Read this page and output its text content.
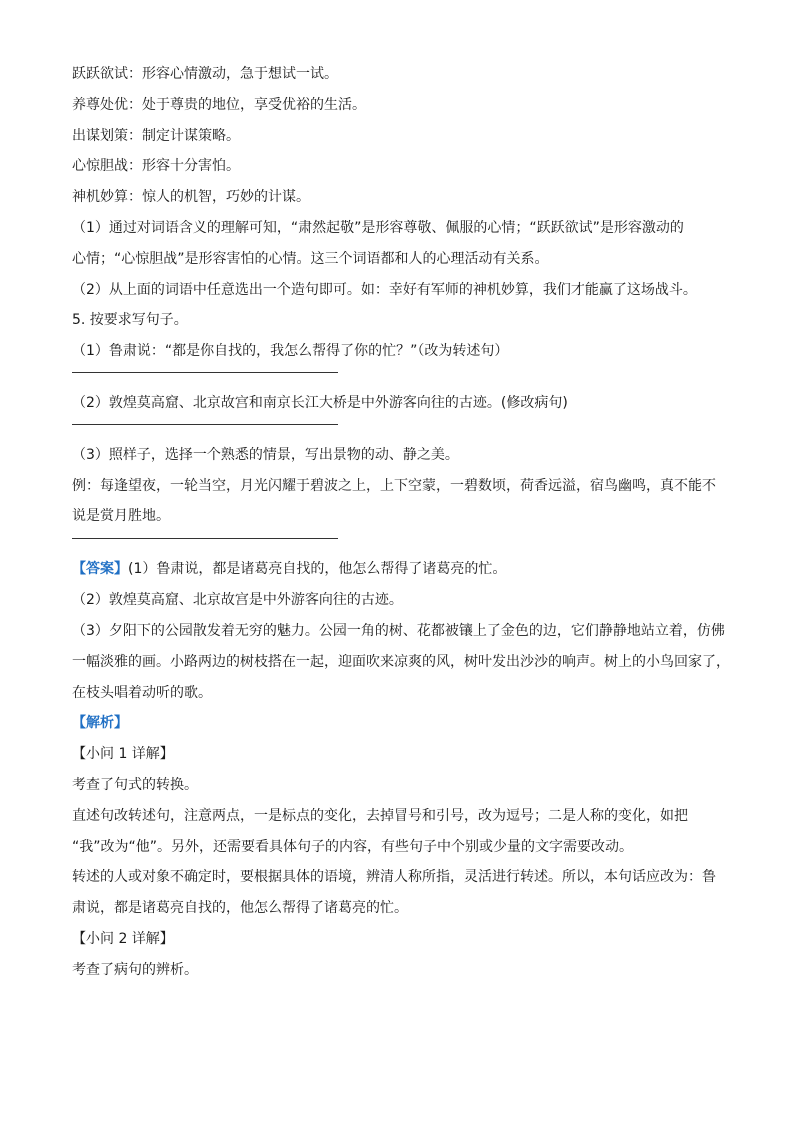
跃跃欲试：形容心情激动，急于想试一试。
养尊处优：处于尊贵的地位，享受优裕的生活。
出谋划策：制定计谋策略。
心惊胆战：形容十分害怕。
神机妙算：惊人的机智，巧妙的计谋。
（1）通过对词语含义的理解可知，“肃然起敬”是形容尊敬、佩服的心情；“跃跃欲试”是形容激动的
心情；“心惊胆战”是形容害怕的心情。这三个词语都和人的心理活动有关系。
（2）从上面的词语中任意选出一个造句即可。如：幸好有军师的神机妙算，我们才能赢了这场战斗。
5. 按要求写句子。
（1）鲁肃说：“都是你自找的，我怎么帮得了你的忙？”（改为转述句）
（2）敦煌莫高窟、北京故宫和南京长江大桥是中外游客向往的古迹。(修改病句)
（3）照样子，选择一个熟悉的情景，写出景物的动、静之美。
例：每逢望夜，一轮当空，月光闪耀于碧波之上，上下空蒙，一碧数顷，荷香远溢，宿鸟幽鸣，真不能不
说是赏月胜地。
【答案】 (1）鲁肃说，都是诸葛亮自找的，他怎么帮得了诸葛亮的忙。
（2）敦煌莫高窟、北京故宫是中外游客向往的古迹。
（3）夕阳下的公园散发着无穷的魅力。公园一角的树、花都被镶上了金色的边，它们静静地站立着，仿佛
一幅淡雅的画。小路两边的树枝搭在一起，迎面吹来凉爽的风，树叶发出沙沙的响声。树上的小鸟回家了，
在枝头唱着动听的歌。
【解析】
【小问 1 详解】
考查了句式的转换。
直述句改转述句，注意两点，一是标点的变化，去掉冒号和引号，改为逗号；二是人称的变化，如把
“我”改为“他”。另外，还需要看具体句子的内容，有些句子中个别或少量的文字需要改动。
转述的人或对象不确定时，要根据具体的语境，辨清人称所指，灵活进行转述。所以，本句话应改为：鲁
肃说，都是诸葛亮自找的，他怎么帮得了诸葛亮的忙。
【小问 2 详解】
考查了病句的辨析。
